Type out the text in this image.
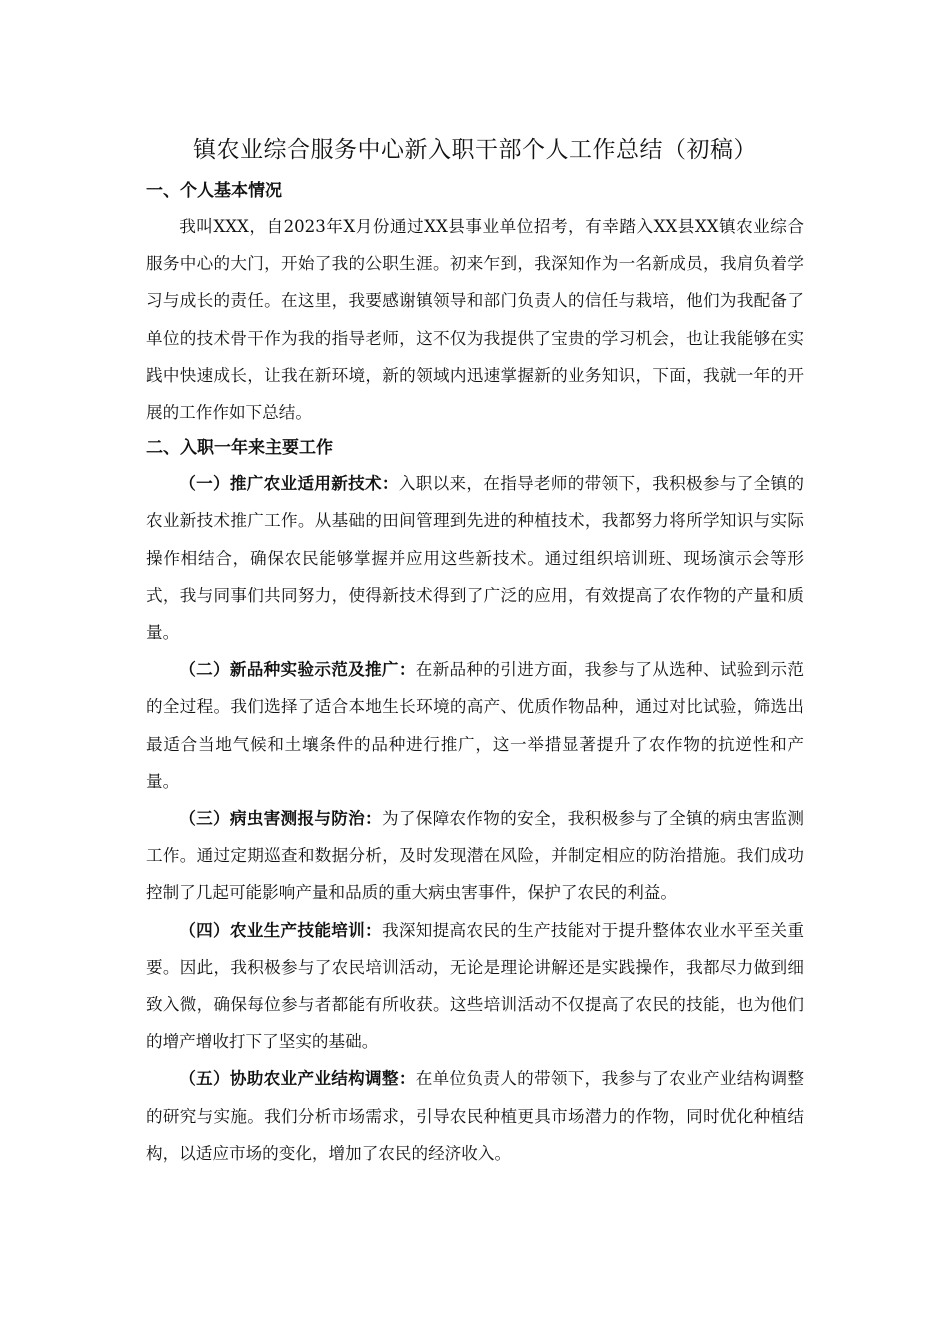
镇农业综合服务中心新入职干部个人工作总结（初稿）
一、个人基本情况

我叫XXX，自2023年X月份通过XX县事业单位招考，有幸踏入XX县XX镇农业综合服务中心的大门，开始了我的公职生涯。初来乍到，我深知作为一名新成员，我肩负着学习与成长的责任。在这里，我要感谢镇领导和部门负责人的信任与栽培，他们为我配备了单位的技术骨干作为我的指导老师，这不仅为我提供了宝贵的学习机会，也让我能够在实践中快速成长，让我在新环境，新的领域内迅速掌握新的业务知识，下面，我就一年的开展的工作作如下总结。

二、入职一年来主要工作

（一）推广农业适用新技术：入职以来，在指导老师的带领下，我积极参与了全镇的农业新技术推广工作。从基础的田间管理到先进的种植技术，我都努力将所学知识与实际操作相结合，确保农民能够掌握并应用这些新技术。通过组织培训班、现场演示会等形式，我与同事们共同努力，使得新技术得到了广泛的应用，有效提高了农作物的产量和质量。

（二）新品种实验示范及推广：在新品种的引进方面，我参与了从选种、试验到示范的全过程。我们选择了适合本地生长环境的高产、优质作物品种，通过对比试验，筛选出最适合当地气候和土壤条件的品种进行推广，这一举措显著提升了农作物的抗逆性和产量。

（三）病虫害测报与防治：为了保障农作物的安全，我积极参与了全镇的病虫害监测工作。通过定期巡查和数据分析，及时发现潜在风险，并制定相应的防治措施。我们成功控制了几起可能影响产量和品质的重大病虫害事件，保护了农民的利益。

（四）农业生产技能培训：我深知提高农民的生产技能对于提升整体农业水平至关重要。因此，我积极参与了农民培训活动，无论是理论讲解还是实践操作，我都尽力做到细致入微，确保每位参与者都能有所收获。这些培训活动不仅提高了农民的技能，也为他们的增产增收打下了坚实的基础。

（五）协助农业产业结构调整：在单位负责人的带领下，我参与了农业产业结构调整的研究与实施。我们分析市场需求，引导农民种植更具市场潜力的作物，同时优化种植结构，以适应市场的变化，增加了农民的经济收入。
